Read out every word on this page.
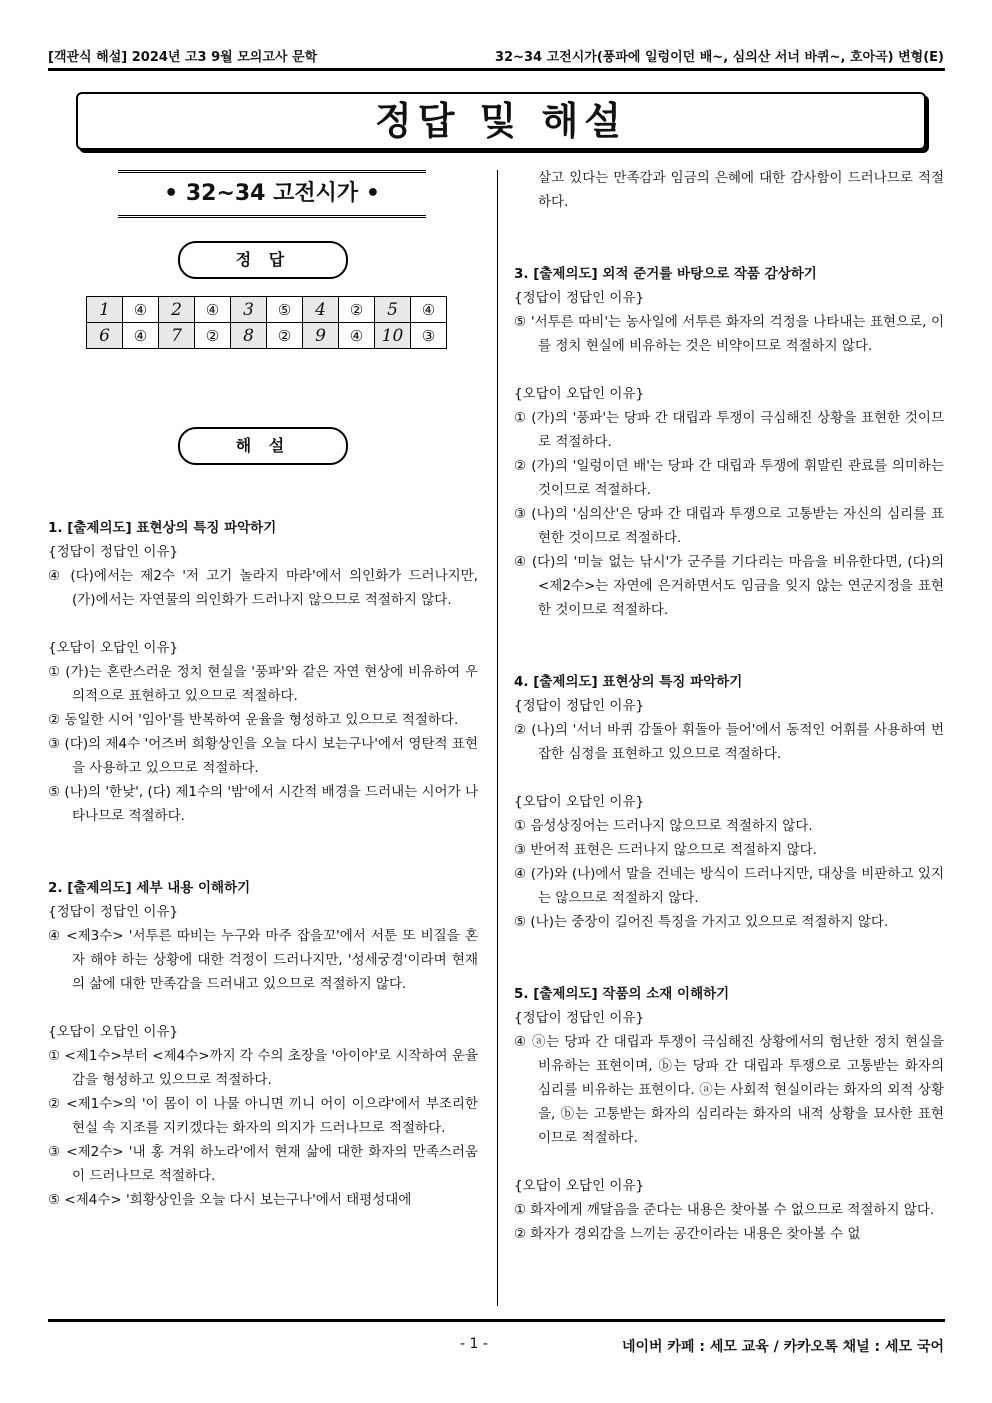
[객관식 해설] 2024년 고3 9월 모의고사 문학	32~34 고전시가(풍파에 일렁이던 배~, 심의산 서너 바퀴~, 호아곡) 변형(E)
정답 및 해설
• 32~34 고전시가 •
정 답
1	④	2	④	3	⑤	4	②	5	④
6	④	7	②	8	②	9	④	10	③
해 설

1. [출제의도] 표현상의 특징 파악하기

{정답이 정답인 이유}

④ (다)에서는 제2수 '저 고기 놀라지 마라'에서 의인화가 드러나지만, (가)에서는 자연물의 의인화가 드러나지 않으므로 적절하지 않다.

{오답이 오답인 이유}

① (가)는 혼란스러운 정치 현실을 '풍파'와 같은 자연 현상에 비유하여 우의적으로 표현하고 있으므로 적절하다.

② 동일한 시어 '임아'를 반복하여 운율을 형성하고 있으므로 적절하다.

③ (다)의 제4수 '어즈버 희황상인을 오늘 다시 보는구나'에서 영탄적 표현을 사용하고 있으므로 적절하다.

⑤ (나)의 '한낮', (다) 제1수의 '밤'에서 시간적 배경을 드러내는 시어가 나타나므로 적절하다.

2. [출제의도] 세부 내용 이해하기

{정답이 정답인 이유}

④ <제3수> '서투른 따비는 누구와 마주 잡을꼬'에서 서툰 또 비질을 혼자 해야 하는 상황에 대한 걱정이 드러나지만, '성세궁경'이라며 현재의 삶에 대한 만족감을 드러내고 있으므로 적절하지 않다.

{오답이 오답인 이유}

① <제1수>부터 <제4수>까지 각 수의 초장을 '아이야'로 시작하여 운율감을 형성하고 있으므로 적절하다.

② <제1수>의 '이 몸이 이 나물 아니면 끼니 어이 이으랴'에서 부조리한 현실 속 지조를 지키겠다는 화자의 의지가 드러나므로 적절하다.

③ <제2수> '내 홍 겨워 하노라'에서 현재 삶에 대한 화자의 만족스러움이 드러나므로 적절하다.

⑤ <제4수> '희황상인을 오늘 다시 보는구나'에서 태평성대에

살고 있다는 만족감과 임금의 은혜에 대한 감사함이 드러나므로 적절하다.

3. [출제의도] 외적 준거를 바탕으로 작품 감상하기

{정답이 정답인 이유}

⑤ '서투른 따비'는 농사일에 서투른 화자의 걱정을 나타내는 표현으로, 이를 정치 현실에 비유하는 것은 비약이므로 적절하지 않다.

{오답이 오답인 이유}

① (가)의 '풍파'는 당파 간 대립과 투쟁이 극심해진 상황을 표현한 것이므로 적절하다.

② (가)의 '일렁이던 배'는 당파 간 대립과 투쟁에 휘말린 관료를 의미하는 것이므로 적절하다.

③ (나)의 '심의산'은 당파 간 대립과 투쟁으로 고통받는 자신의 심리를 표현한 것이므로 적절하다.

④ (다)의 '미늘 없는 낚시'가 군주를 기다리는 마음을 비유한다면, (다)의 <제2수>는 자연에 은거하면서도 임금을 잊지 않는 연군지정을 표현한 것이므로 적절하다.

4. [출제의도] 표현상의 특징 파악하기

{정답이 정답인 이유}

② (나)의 '서너 바퀴 감돌아 휘돌아 들어'에서 동적인 어휘를 사용하여 번잡한 심정을 표현하고 있으므로 적절하다.

{오답이 오답인 이유}

① 음성상징어는 드러나지 않으므로 적절하지 않다.

③ 반어적 표현은 드러나지 않으므로 적절하지 않다.

④ (가)와 (나)에서 말을 건네는 방식이 드러나지만, 대상을 비판하고 있지는 않으므로 적절하지 않다.

⑤ (나)는 중장이 길어진 특징을 가지고 있으므로 적절하지 않다.

5. [출제의도] 작품의 소재 이해하기

{정답이 정답인 이유}

④ ⓐ는 당파 간 대립과 투쟁이 극심해진 상황에서의 험난한 정치 현실을 비유하는 표현이며, ⓑ는 당파 간 대립과 투쟁으로 고통받는 화자의 심리를 비유하는 표현이다. ⓐ는 사회적 현실이라는 화자의 외적 상황을, ⓑ는 고통받는 화자의 심리라는 화자의 내적 상황을 묘사한 표현이므로 적절하다.

{오답이 오답인 이유}

① 화자에게 깨달음을 준다는 내용은 찾아볼 수 없으므로 적절하지 않다.

② 화자가 경외감을 느끼는 공간이라는 내용은 찾아볼 수 없

- 1 -	네이버 카페 : 세모 교육 / 카카오톡 채널 : 세모 국어
